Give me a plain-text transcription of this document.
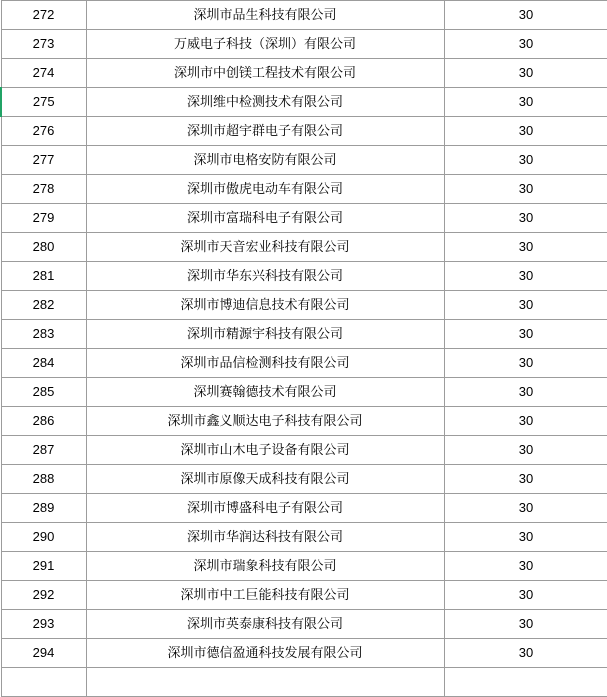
272	深圳市品生科技有限公司	30
273	万威电子科技（深圳）有限公司	30
274	深圳市中创镁工程技术有限公司	30
275	深圳维中检测技术有限公司	30
276	深圳市超宇群电子有限公司	30
277	深圳市电格安防有限公司	30
278	深圳市傲虎电动车有限公司	30
279	深圳市富瑞科电子有限公司	30
280	深圳市天音宏业科技有限公司	30
281	深圳市华东兴科技有限公司	30
282	深圳市博迪信息技术有限公司	30
283	深圳市精源宇科技有限公司	30
284	深圳市品信检测科技有限公司	30
285	深圳赛翰德技术有限公司	30
286	深圳市鑫义顺达电子科技有限公司	30
287	深圳市山木电子设备有限公司	30
288	深圳市原像天成科技有限公司	30
289	深圳市博盛科电子有限公司	30
290	深圳市华润达科技有限公司	30
291	深圳市瑞象科技有限公司	30
292	深圳市中工巨能科技有限公司	30
293	深圳市英泰康科技有限公司	30
294	深圳市德信盈通科技发展有限公司	30
